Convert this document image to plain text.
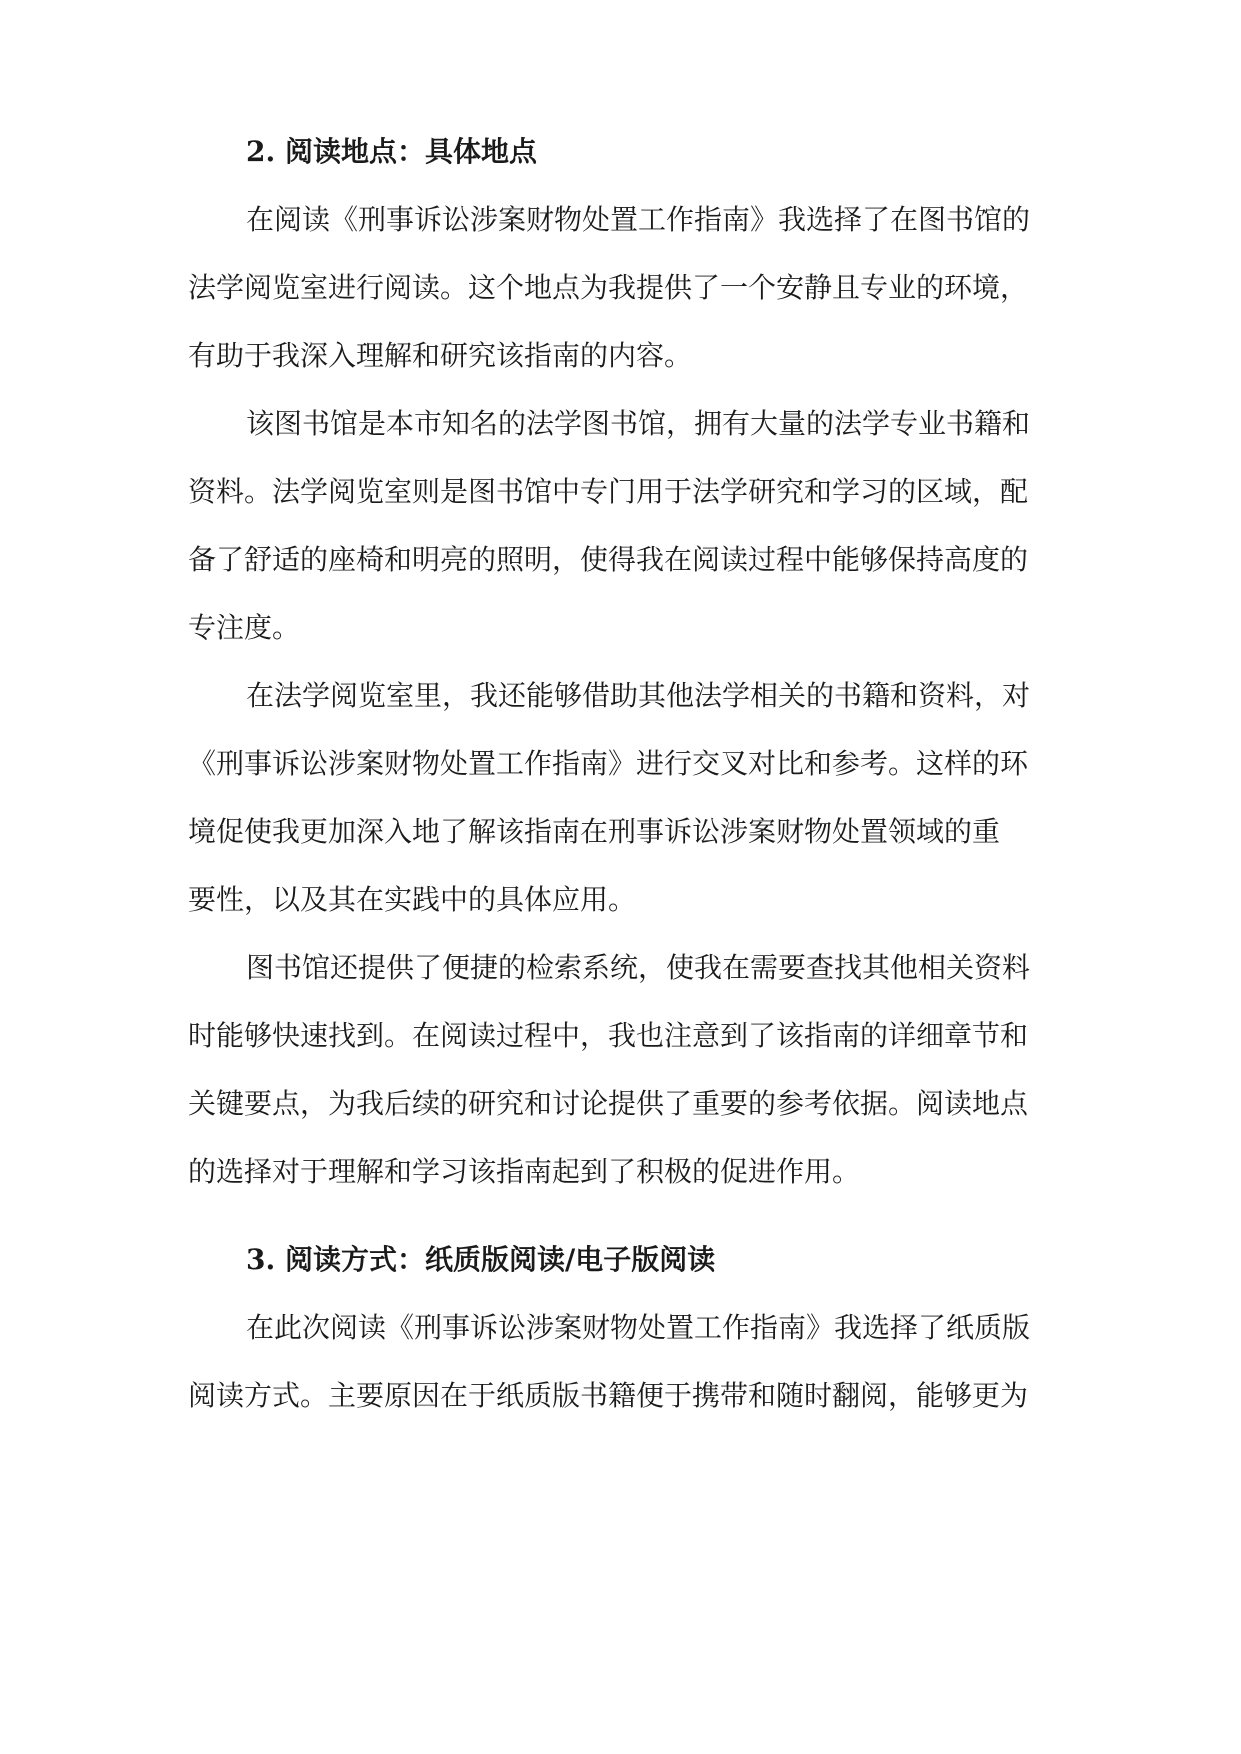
2. 阅读地点：具体地点

在阅读《刑事诉讼涉案财物处置工作指南》我选择了在图书馆的

法学阅览室进行阅读。这个地点为我提供了一个安静且专业的环境，

有助于我深入理解和研究该指南的内容。

该图书馆是本市知名的法学图书馆，拥有大量的法学专业书籍和

资料。法学阅览室则是图书馆中专门用于法学研究和学习的区域，配

备了舒适的座椅和明亮的照明，使得我在阅读过程中能够保持高度的

专注度。

在法学阅览室里，我还能够借助其他法学相关的书籍和资料，对

《刑事诉讼涉案财物处置工作指南》进行交叉对比和参考。这样的环

境促使我更加深入地了解该指南在刑事诉讼涉案财物处置领域的重

要性，以及其在实践中的具体应用。

图书馆还提供了便捷的检索系统，使我在需要查找其他相关资料

时能够快速找到。在阅读过程中，我也注意到了该指南的详细章节和

关键要点，为我后续的研究和讨论提供了重要的参考依据。阅读地点

的选择对于理解和学习该指南起到了积极的促进作用。

3. 阅读方式：纸质版阅读/电子版阅读

在此次阅读《刑事诉讼涉案财物处置工作指南》我选择了纸质版

阅读方式。主要原因在于纸质版书籍便于携带和随时翻阅，能够更为
